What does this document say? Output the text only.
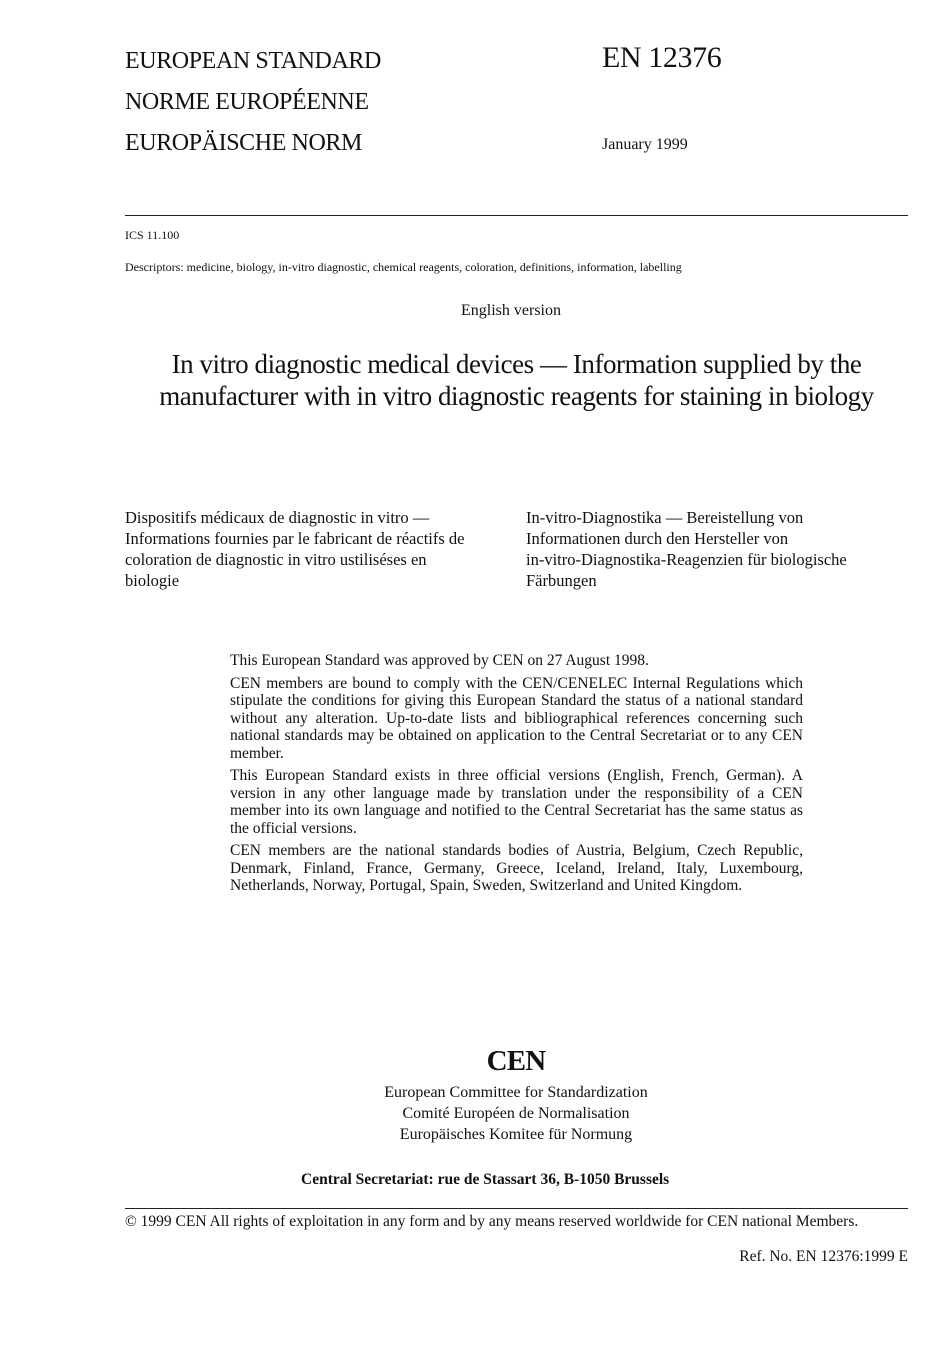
EUROPEAN STANDARD
NORME EUROPÉENNE
EUROPÄISCHE NORM
EN 12376
January 1999
ICS 11.100
Descriptors: medicine, biology, in-vitro diagnostic, chemical reagents, coloration, definitions, information, labelling
English version
In vitro diagnostic medical devices — Information supplied by the
manufacturer with in vitro diagnostic reagents for staining in biology
Dispositifs médicaux de diagnostic in vitro —
Informations fournies par le fabricant de réactifs de
coloration de diagnostic in vitro ustiliséses en
biologie
In-vitro-Diagnostika — Bereistellung von
Informationen durch den Hersteller von
in-vitro-Diagnostika-Reagenzien für biologische
Färbungen

This European Standard was approved by CEN on 27 August 1998.

CEN members are bound to comply with the CEN/CENELEC Internal Regulations which stipulate the conditions for giving this European Standard the status of a national standard without any alteration. Up-to-date lists and bibliographical references concerning such national standards may be obtained on application to the Central Secretariat or to any CEN member.

This European Standard exists in three official versions (English, French, German). A version in any other language made by translation under the responsibility of a CEN member into its own language and notified to the Central Secretariat has the same status as the official versions.

CEN members are the national standards bodies of Austria, Belgium, Czech Republic, Denmark, Finland, France, Germany, Greece, Iceland, Ireland, Italy, Luxembourg, Netherlands, Norway, Portugal, Spain, Sweden, Switzerland and United Kingdom.

CEN
European Committee for Standardization
Comité Européen de Normalisation
Europäisches Komitee für Normung
Central Secretariat: rue de Stassart 36, B-1050 Brussels
© 1999 CEN All rights of exploitation in any form and by any means reserved worldwide for CEN national Members.
Ref. No. EN 12376:1999 E
